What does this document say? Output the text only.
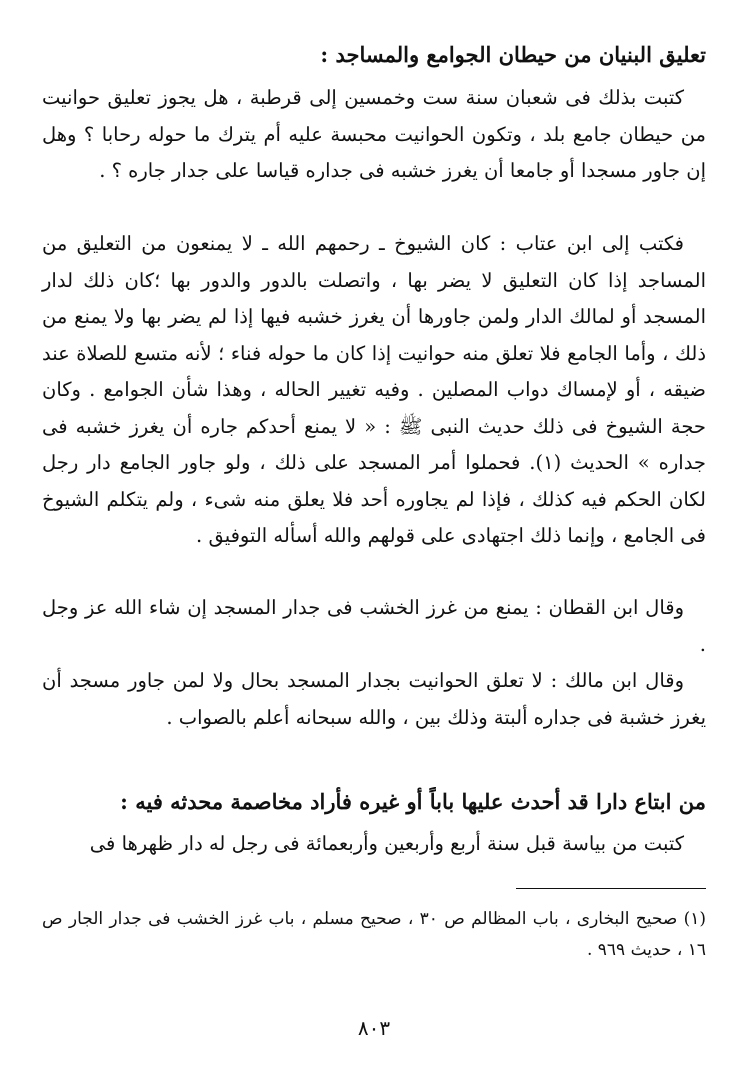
تعليق البنيان من حيطان الجوامع والمساجد :

كتبت بذلك فى شعبان سنة ست وخمسين إلى قرطبة ، هل يجوز تعليق حوانيت من حيطان جامع بلد ، وتكون الحوانيت محبسة عليه أم يترك ما حوله رحابا ؟ وهل إن جاور مسجدا أو جامعا أن يغرز خشبه فى جداره قياسا على جدار جاره ؟ .

فكتب إلى ابن عتاب : كان الشيوخ ـ رحمهم الله ـ لا يمنعون من التعليق من المساجد إذا كان التعليق لا يضر بها ، واتصلت بالدور والدور بها ؛كان ذلك لدار المسجد أو لمالك الدار ولمن جاورها أن يغرز خشبه فيها إذا لم يضر بها ولا يمنع من ذلك ، وأما الجامع فلا تعلق منه حوانيت إذا كان ما حوله فناء ؛ لأنه متسع للصلاة عند ضيقه ، أو لإمساك دواب المصلين . وفيه تغيير الحاله ، وهذا شأن الجوامع . وكان حجة الشيوخ فى ذلك حديث النبى ﷺ : « لا يمنع أحدكم جاره أن يغرز خشبه فى جداره » الحديث (١). فحملوا أمر المسجد على ذلك ، ولو جاور الجامع دار رجل لكان الحكم فيه كذلك ، فإذا لم يجاوره أحد فلا يعلق منه شىء ، ولم يتكلم الشيوخ فى الجامع ، وإنما ذلك اجتهادى على قولهم والله أسأله التوفيق .

وقال ابن القطان : يمنع من غرز الخشب فى جدار المسجد إن شاء الله عز وجل .

وقال ابن مالك : لا تعلق الحوانيت بجدار المسجد بحال ولا لمن جاور مسجد أن يغرز خشبة فى جداره ألبتة وذلك بين ، والله سبحانه أعلم بالصواب .

من ابتاع دارا قد أحدث عليها باباً أو غيره فأراد مخاصمة محدثه فيه :

كتبت من بياسة قبل سنة أربع وأربعين وأربعمائة فى رجل له دار ظهرها فى

(١) صحيح البخارى ، باب المظالم ص ٣٠ ، صحيح مسلم ، باب غرز الخشب فى جدار الجار ص ١٦ ، حديث ٩٦٩ .

٨٠٣
